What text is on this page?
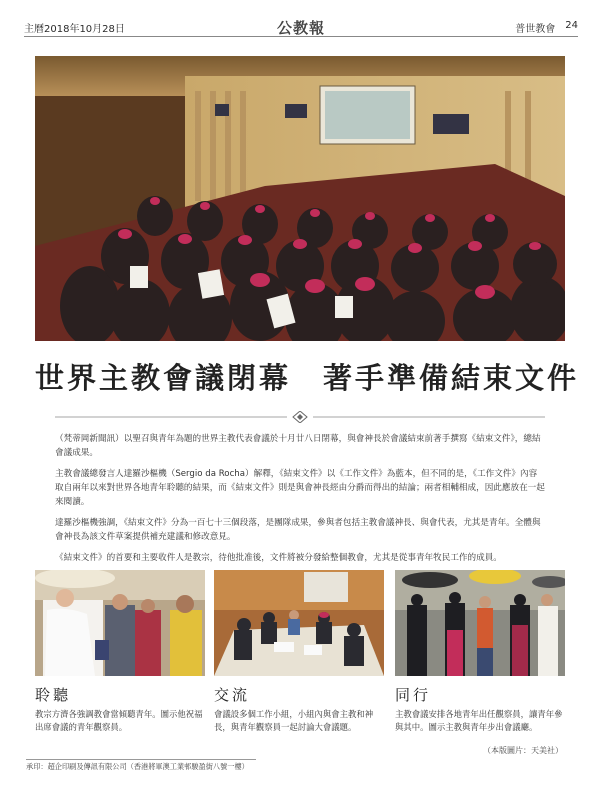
主曆2018年10月28日	公教報	普世教會 24
世界主教會議閉幕　著手準備結束文件

（梵蒂岡新聞訊）以聖召與青年為題的世界主教代表會議於十月廿八日閉幕，與會神長於會議結束前著手撰寫《結束文件》，總結會議成果。

主教會議總發言人達羅沙樞機（Sergio da Rocha）解釋，《結束文件》以《工作文件》為藍本，但不同的是，《工作文件》內容取自兩年以來對世界各地青年聆聽的結果，而《結束文件》則是與會神長經由分爵而得出的結論；兩者相輔相成，因此應放在一起來閱讀。

達羅沙樞機強調，《結束文件》分為一百七十三個段落，是團隊成果，參與者包括主教會議神長、與會代表，尤其是青年。全體與會神長為該文件草案提供補充建議和修改意見。

《結束文件》的首要和主要收件人是教宗，待他批准後，文件將被分發給整個教會，尤其是從事青年牧民工作的成員。

聆聽
教宗方濟各強調教會當傾聽青年。圖示他祝福出席會議的青年觀察員。
交流
會議設多個工作小組，小組內與會主教和神長，與青年觀察員一起討論大會議題。
同行
主教會議安排各地青年出任觀察員，讓青年參與其中。圖示主教與青年步出會議廳。
（本版圖片：天美社）
承印：超企印刷及傳訊有限公司（香港將軍澳工業邨駿盈街八號一樓）
